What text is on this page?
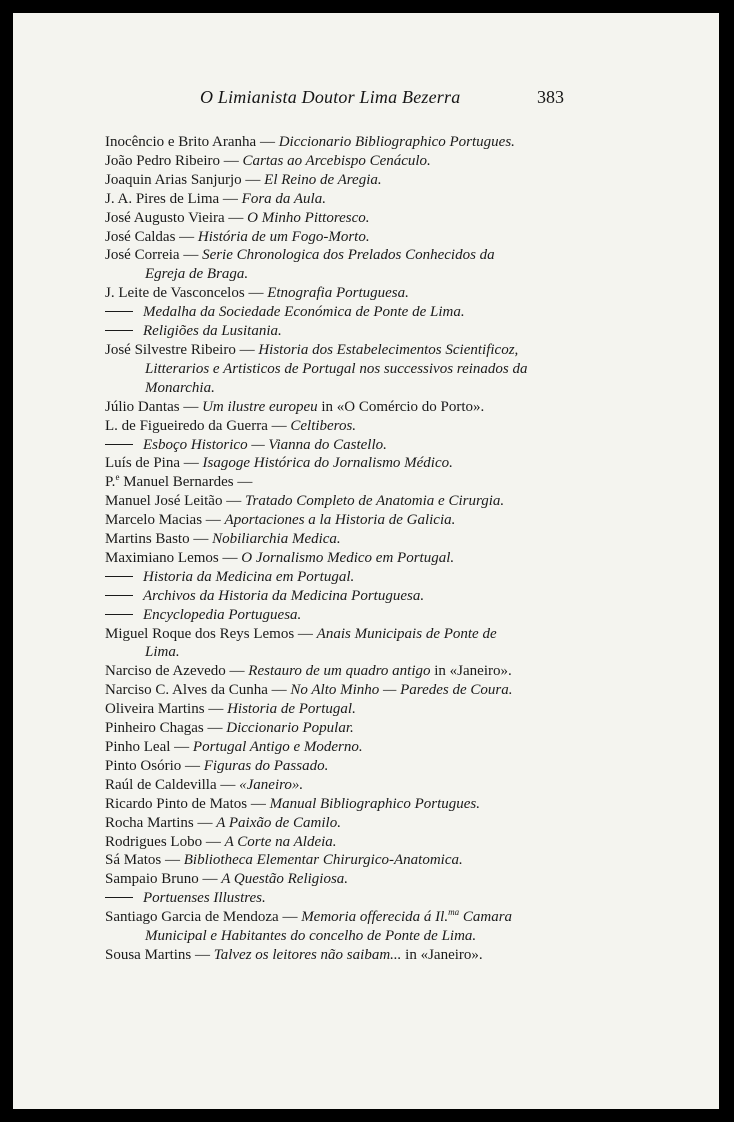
O Limianista Doutor Lima Bezerra	383
Inocêncio e Brito Aranha — Diccionario Bibliographico Portugues.
João Pedro Ribeiro — Cartas ao Arcebispo Cenáculo.
Joaquin Arias Sanjurjo — El Reino de Aregia.
J. A. Pires de Lima — Fora da Aula.
José Augusto Vieira — O Minho Pittoresco.
José Caldas — História de um Fogo-Morto.
José Correia — Serie Chronologica dos Prelados Conhecidos da
Egreja de Braga.
J. Leite de Vasconcelos — Etnografia Portuguesa.
Medalha da Sociedade Económica de Ponte de Lima.
Religiões da Lusitania.
José Silvestre Ribeiro — Historia dos Estabelecimentos Scientificoz,
Litterarios e Artisticos de Portugal nos successivos reinados da
Monarchia.
Júlio Dantas — Um ilustre europeu in «O Comércio do Porto».
L. de Figueiredo da Guerra — Celtiberos.
Esboço Historico — Vianna do Castello.
Luís de Pina — Isagoge Histórica do Jornalismo Médico.
P.$^e$ Manuel Bernardes —
Manuel José Leitão — Tratado Completo de Anatomia e Cirurgia.
Marcelo Macias — Aportaciones a la Historia de Galicia.
Martins Basto — Nobiliarchia Medica.
Maximiano Lemos — O Jornalismo Medico em Portugal.
Historia da Medicina em Portugal.
Archivos da Historia da Medicina Portuguesa.
Encyclopedia Portuguesa.
Miguel Roque dos Reys Lemos — Anais Municipais de Ponte de
Lima.
Narciso de Azevedo — Restauro de um quadro antigo in «Janeiro».
Narciso C. Alves da Cunha — No Alto Minho — Paredes de Coura.
Oliveira Martins — Historia de Portugal.
Pinheiro Chagas — Diccionario Popular.
Pinho Leal — Portugal Antigo e Moderno.
Pinto Osório — Figuras do Passado.
Raúl de Caldevilla — «Janeiro».
Ricardo Pinto de Matos — Manual Bibliographico Portugues.
Rocha Martins — A Paixão de Camilo.
Rodrigues Lobo — A Corte na Aldeia.
Sá Matos — Bibliotheca Elementar Chirurgico-Anatomica.
Sampaio Bruno — A Questão Religiosa.
Portuenses Illustres.
Santiago Garcia de Mendoza — Memoria offerecida á Il.$^{ma}$ Camara
Municipal e Habitantes do concelho de Ponte de Lima.
Sousa Martins — Talvez os leitores não saibam... in «Janeiro».
